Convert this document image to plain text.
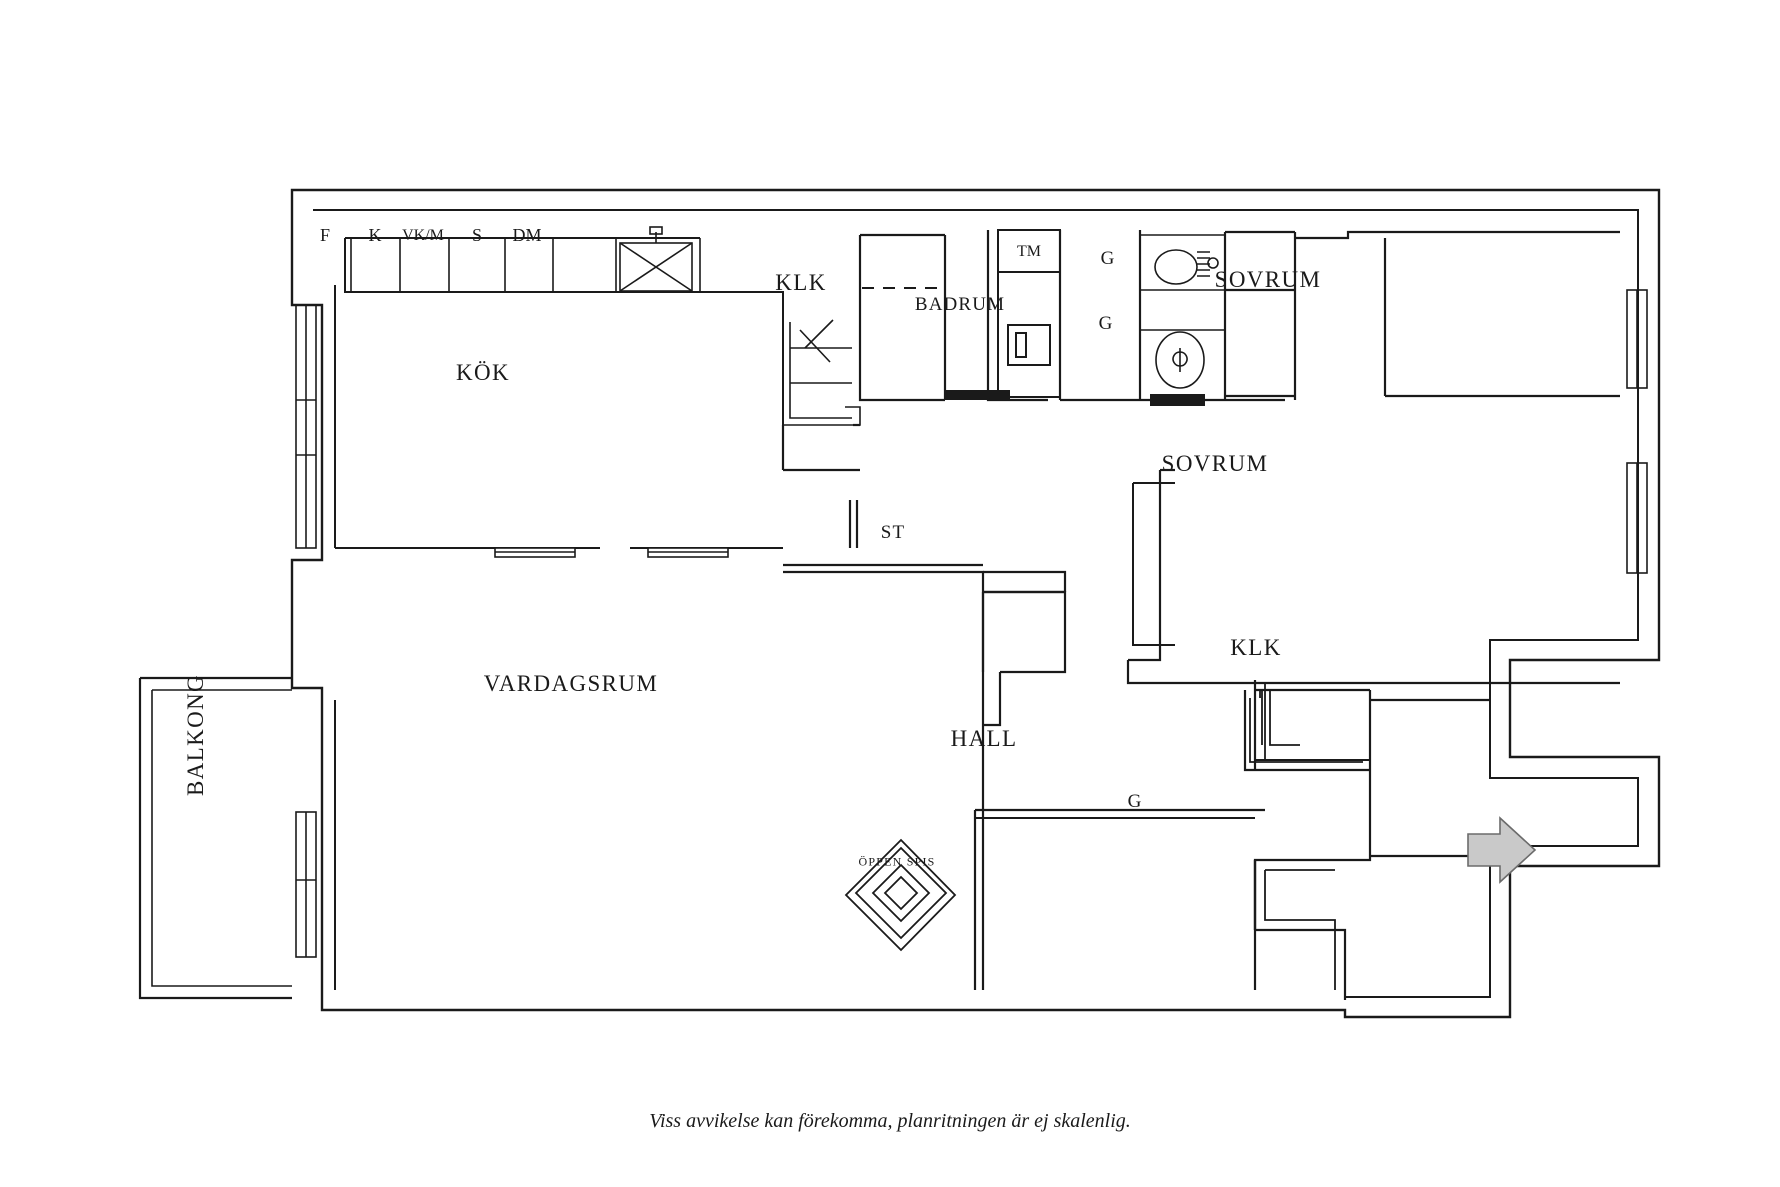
KÖK
KLK
BADRUM
SOVRUM
SOVRUM
VARDAGSRUM
HALL
ST
KLK
BALKONG
G
G
G
F K VK/M S DM
TM
ÖPPEN SPIS
Viss avvikelse kan förekomma, planritningen är ej skalenlig.
